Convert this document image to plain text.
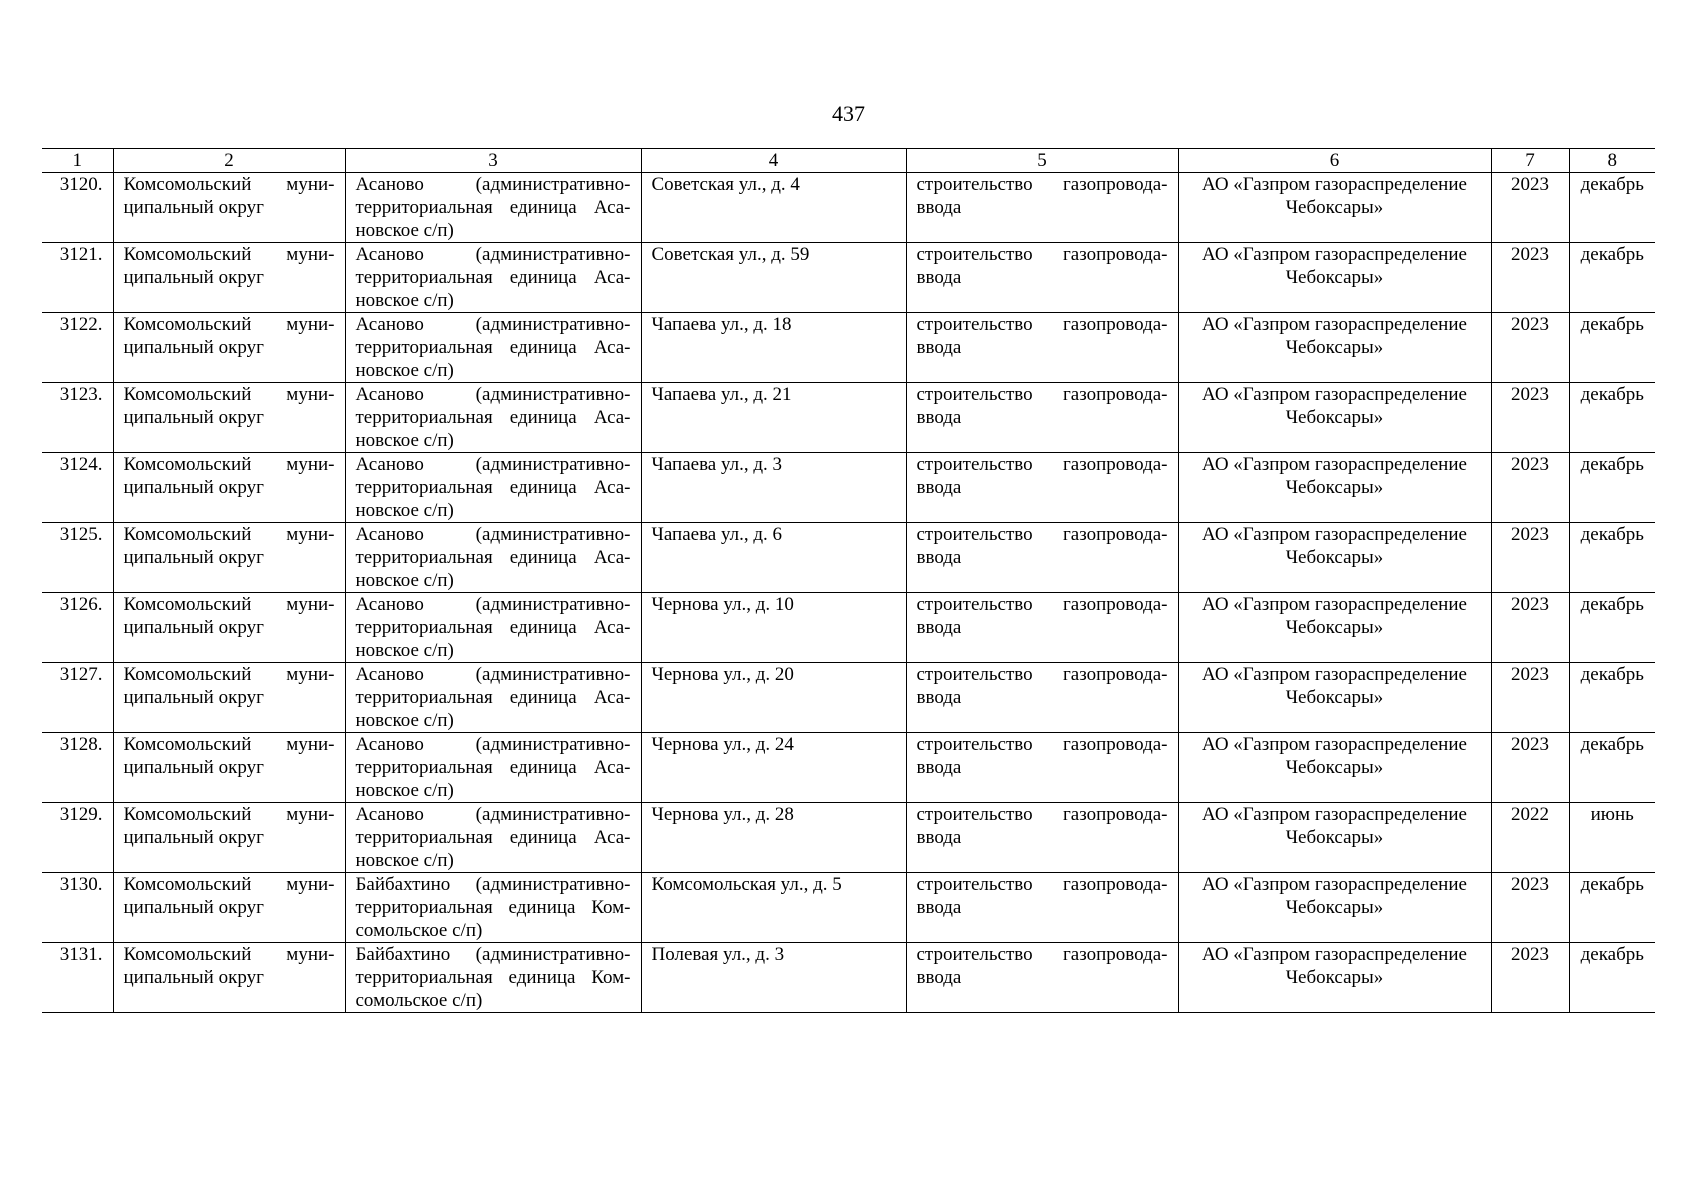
437
1	2	3	4	5	6	7	8
3120.	Комсомольский муни-ципальный округ	Асаново (административно-территориальная единица Аса-новское с/п)	Советская ул., д. 4	строительство газопровода-ввода	АО «Газпром газораспределение Чебоксары»	2023	декабрь
3121.	Комсомольский муни-ципальный округ	Асаново (административно-территориальная единица Аса-новское с/п)	Советская ул., д. 59	строительство газопровода-ввода	АО «Газпром газораспределение Чебоксары»	2023	декабрь
3122.	Комсомольский муни-ципальный округ	Асаново (административно-территориальная единица Аса-новское с/п)	Чапаева ул., д. 18	строительство газопровода-ввода	АО «Газпром газораспределение Чебоксары»	2023	декабрь
3123.	Комсомольский муни-ципальный округ	Асаново (административно-территориальная единица Аса-новское с/п)	Чапаева ул., д. 21	строительство газопровода-ввода	АО «Газпром газораспределение Чебоксары»	2023	декабрь
3124.	Комсомольский муни-ципальный округ	Асаново (административно-территориальная единица Аса-новское с/п)	Чапаева ул., д. 3	строительство газопровода-ввода	АО «Газпром газораспределение Чебоксары»	2023	декабрь
3125.	Комсомольский муни-ципальный округ	Асаново (административно-территориальная единица Аса-новское с/п)	Чапаева ул., д. 6	строительство газопровода-ввода	АО «Газпром газораспределение Чебоксары»	2023	декабрь
3126.	Комсомольский муни-ципальный округ	Асаново (административно-территориальная единица Аса-новское с/п)	Чернова ул., д. 10	строительство газопровода-ввода	АО «Газпром газораспределение Чебоксары»	2023	декабрь
3127.	Комсомольский муни-ципальный округ	Асаново (административно-территориальная единица Аса-новское с/п)	Чернова ул., д. 20	строительство газопровода-ввода	АО «Газпром газораспределение Чебоксары»	2023	декабрь
3128.	Комсомольский муни-ципальный округ	Асаново (административно-территориальная единица Аса-новское с/п)	Чернова ул., д. 24	строительство газопровода-ввода	АО «Газпром газораспределение Чебоксары»	2023	декабрь
3129.	Комсомольский муни-ципальный округ	Асаново (административно-территориальная единица Аса-новское с/п)	Чернова ул., д. 28	строительство газопровода-ввода	АО «Газпром газораспределение Чебоксары»	2022	июнь
3130.	Комсомольский муни-ципальный округ	Байбахтино (административно-территориальная единица Ком-сомольское с/п)	Комсомольская ул., д. 5	строительство газопровода-ввода	АО «Газпром газораспределение Чебоксары»	2023	декабрь
3131.	Комсомольский муни-ципальный округ	Байбахтино (административно-территориальная единица Ком-сомольское с/п)	Полевая ул., д. 3	строительство газопровода-ввода	АО «Газпром газораспределение Чебоксары»	2023	декабрь
